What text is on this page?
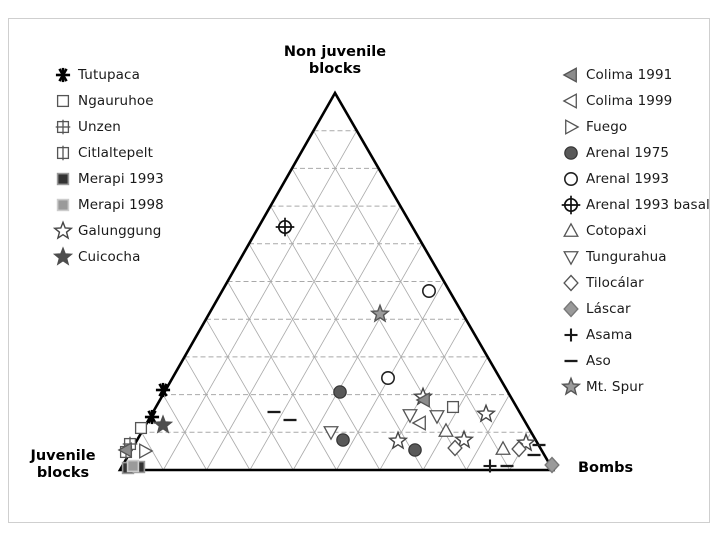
Non juvenile
blocks
Juvenile
blocks	Bombs
Tutupaca
Ngauruhoe
Unzen
Citlaltepelt
Merapi 1993
Merapi 1998
Galunggung
Cuicocha
Colima 1991
Colima 1999
Fuego
Arenal 1975
Arenal 1993
Arenal 1993 basal
Cotopaxi
Tungurahua
Tilocálar
Láscar
Asama
Aso
Mt. Spur
